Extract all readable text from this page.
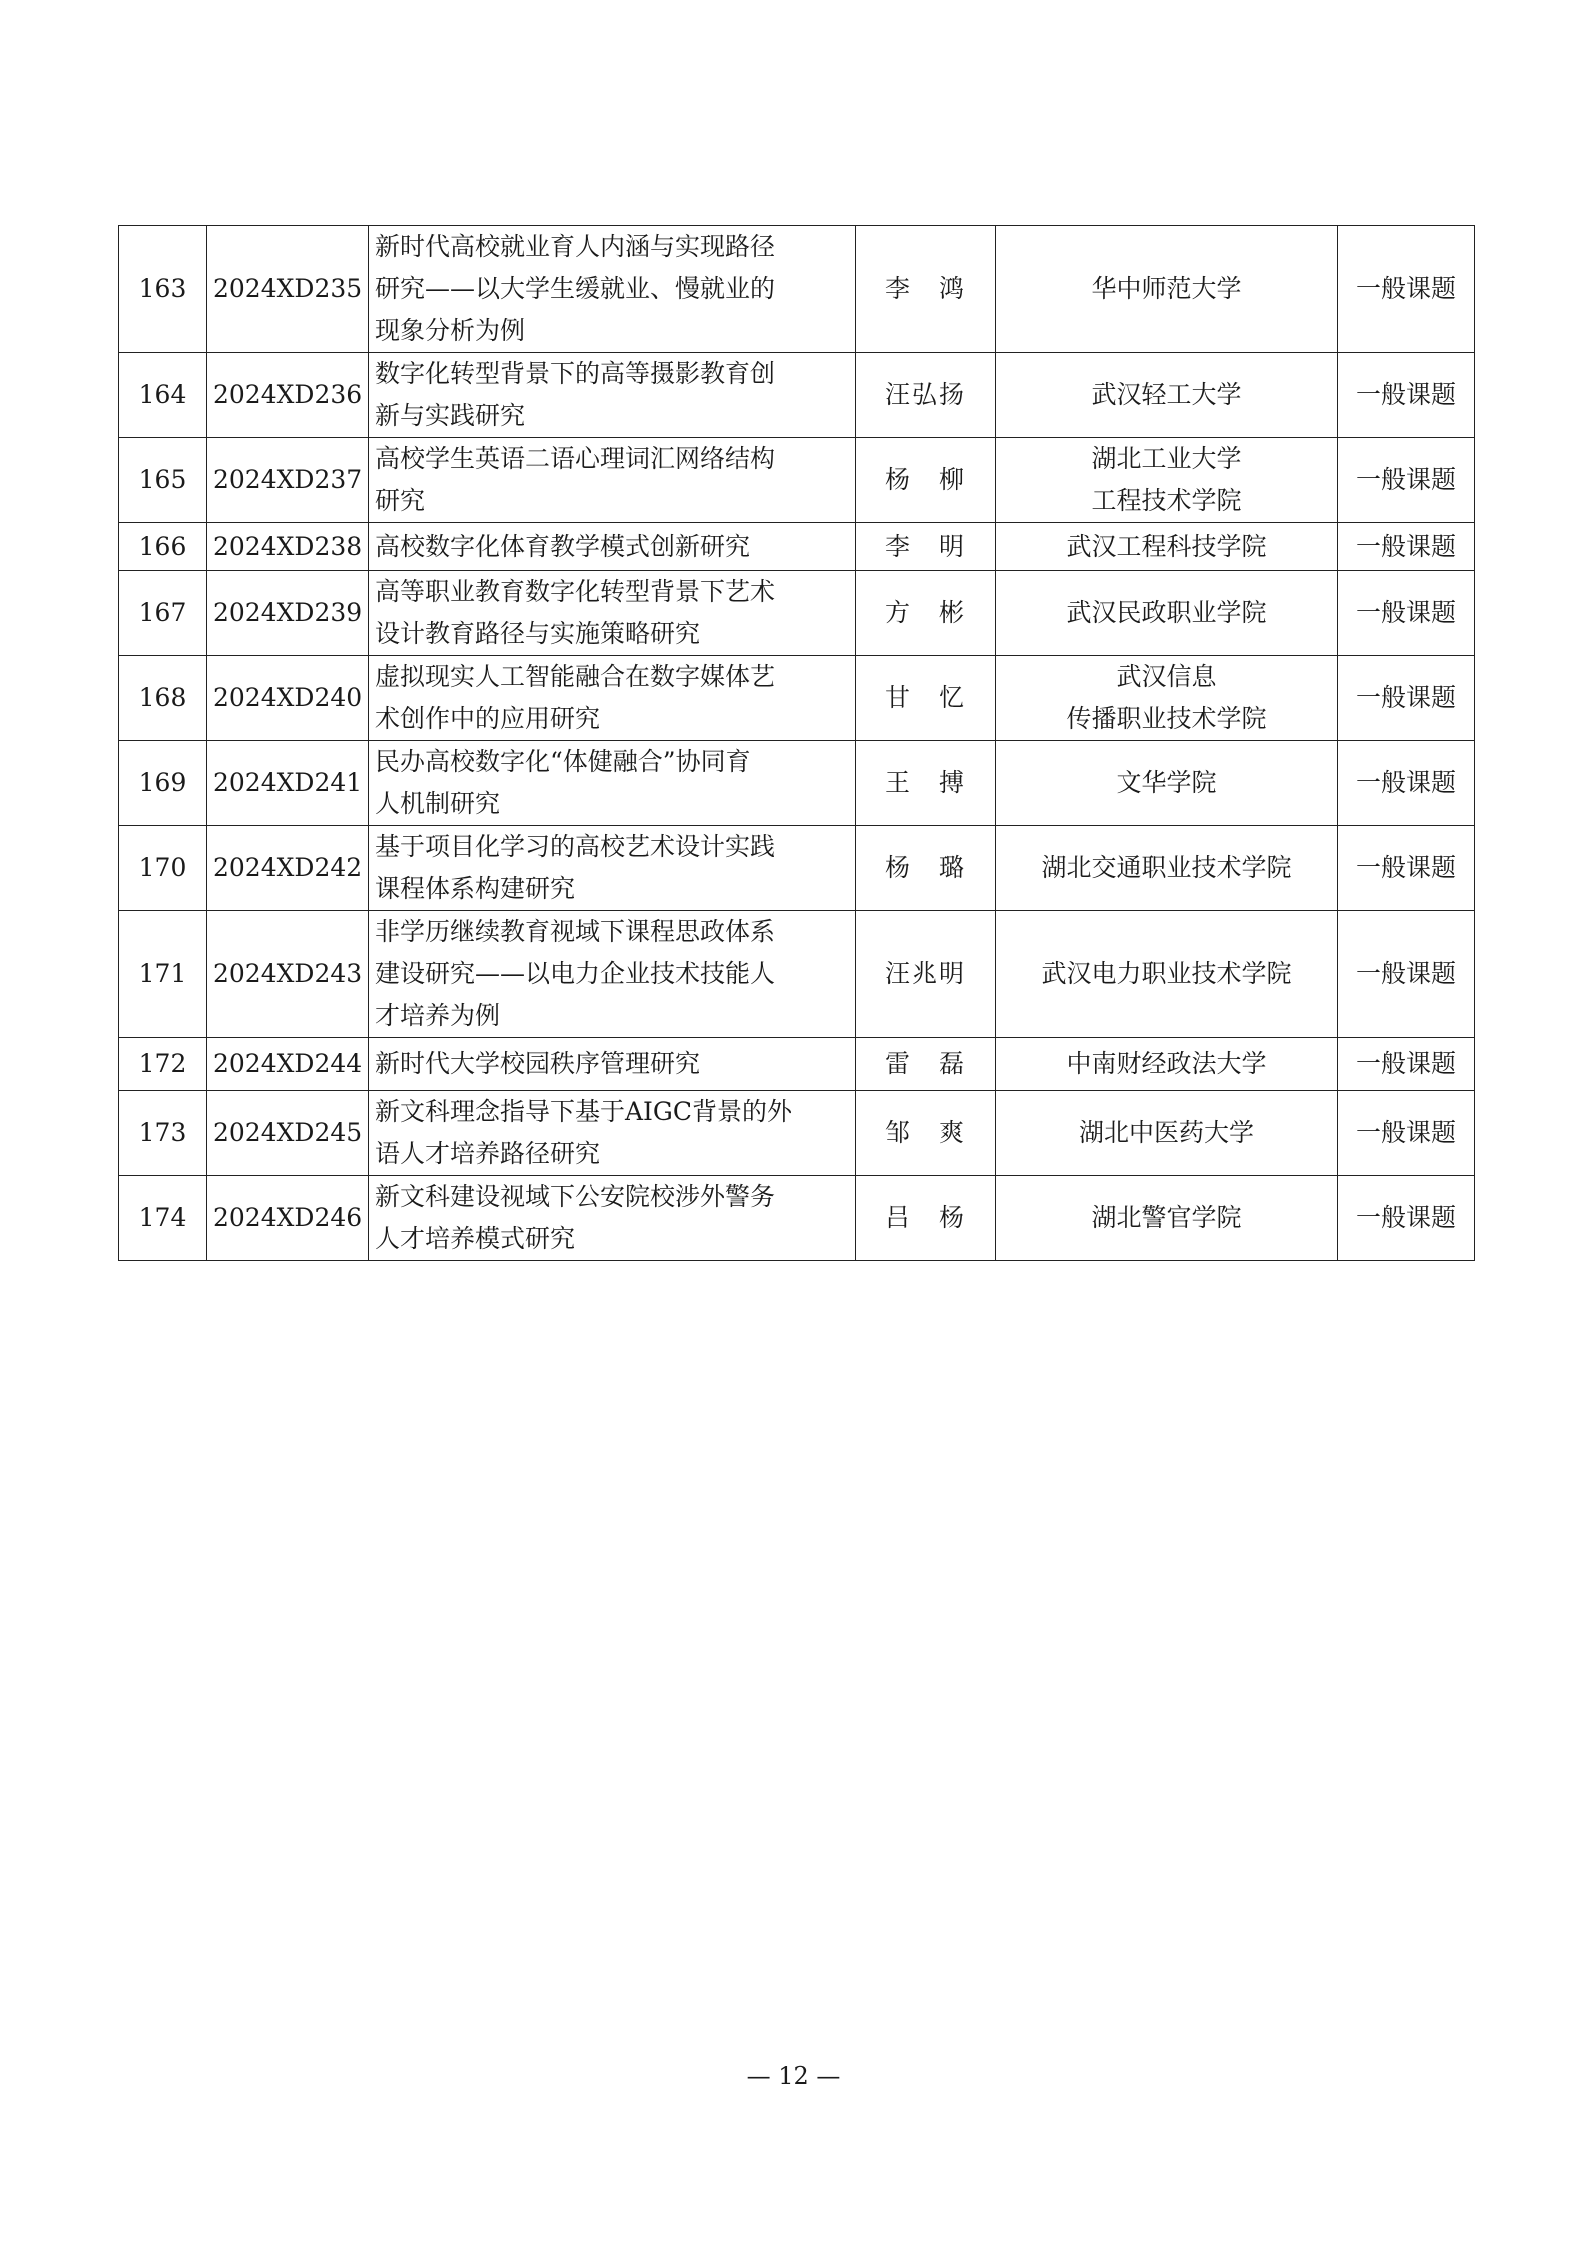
163	2024XD235	新时代高校就业育人内涵与实现路径
研究——以大学生缓就业、慢就业的
现象分析为例	李　鸿	华中师范大学	一般课题
164	2024XD236	数字化转型背景下的高等摄影教育创
新与实践研究	汪弘扬	武汉轻工大学	一般课题
165	2024XD237	高校学生英语二语心理词汇网络结构
研究	杨　柳	湖北工业大学
工程技术学院	一般课题
166	2024XD238	高校数字化体育教学模式创新研究	李　明	武汉工程科技学院	一般课题
167	2024XD239	高等职业教育数字化转型背景下艺术
设计教育路径与实施策略研究	方　彬	武汉民政职业学院	一般课题
168	2024XD240	虚拟现实人工智能融合在数字媒体艺
术创作中的应用研究	甘　忆	武汉信息
传播职业技术学院	一般课题
169	2024XD241	民办高校数字化“体健融合”协同育
人机制研究	王　搏	文华学院	一般课题
170	2024XD242	基于项目化学习的高校艺术设计实践
课程体系构建研究	杨　璐	湖北交通职业技术学院	一般课题
171	2024XD243	非学历继续教育视域下课程思政体系
建设研究——以电力企业技术技能人
才培养为例	汪兆明	武汉电力职业技术学院	一般课题
172	2024XD244	新时代大学校园秩序管理研究	雷　磊	中南财经政法大学	一般课题
173	2024XD245	新文科理念指导下基于AIGC背景的外
语人才培养路径研究	邹　爽	湖北中医药大学	一般课题
174	2024XD246	新文科建设视域下公安院校涉外警务
人才培养模式研究	吕　杨	湖北警官学院	一般课题
— 12 —
